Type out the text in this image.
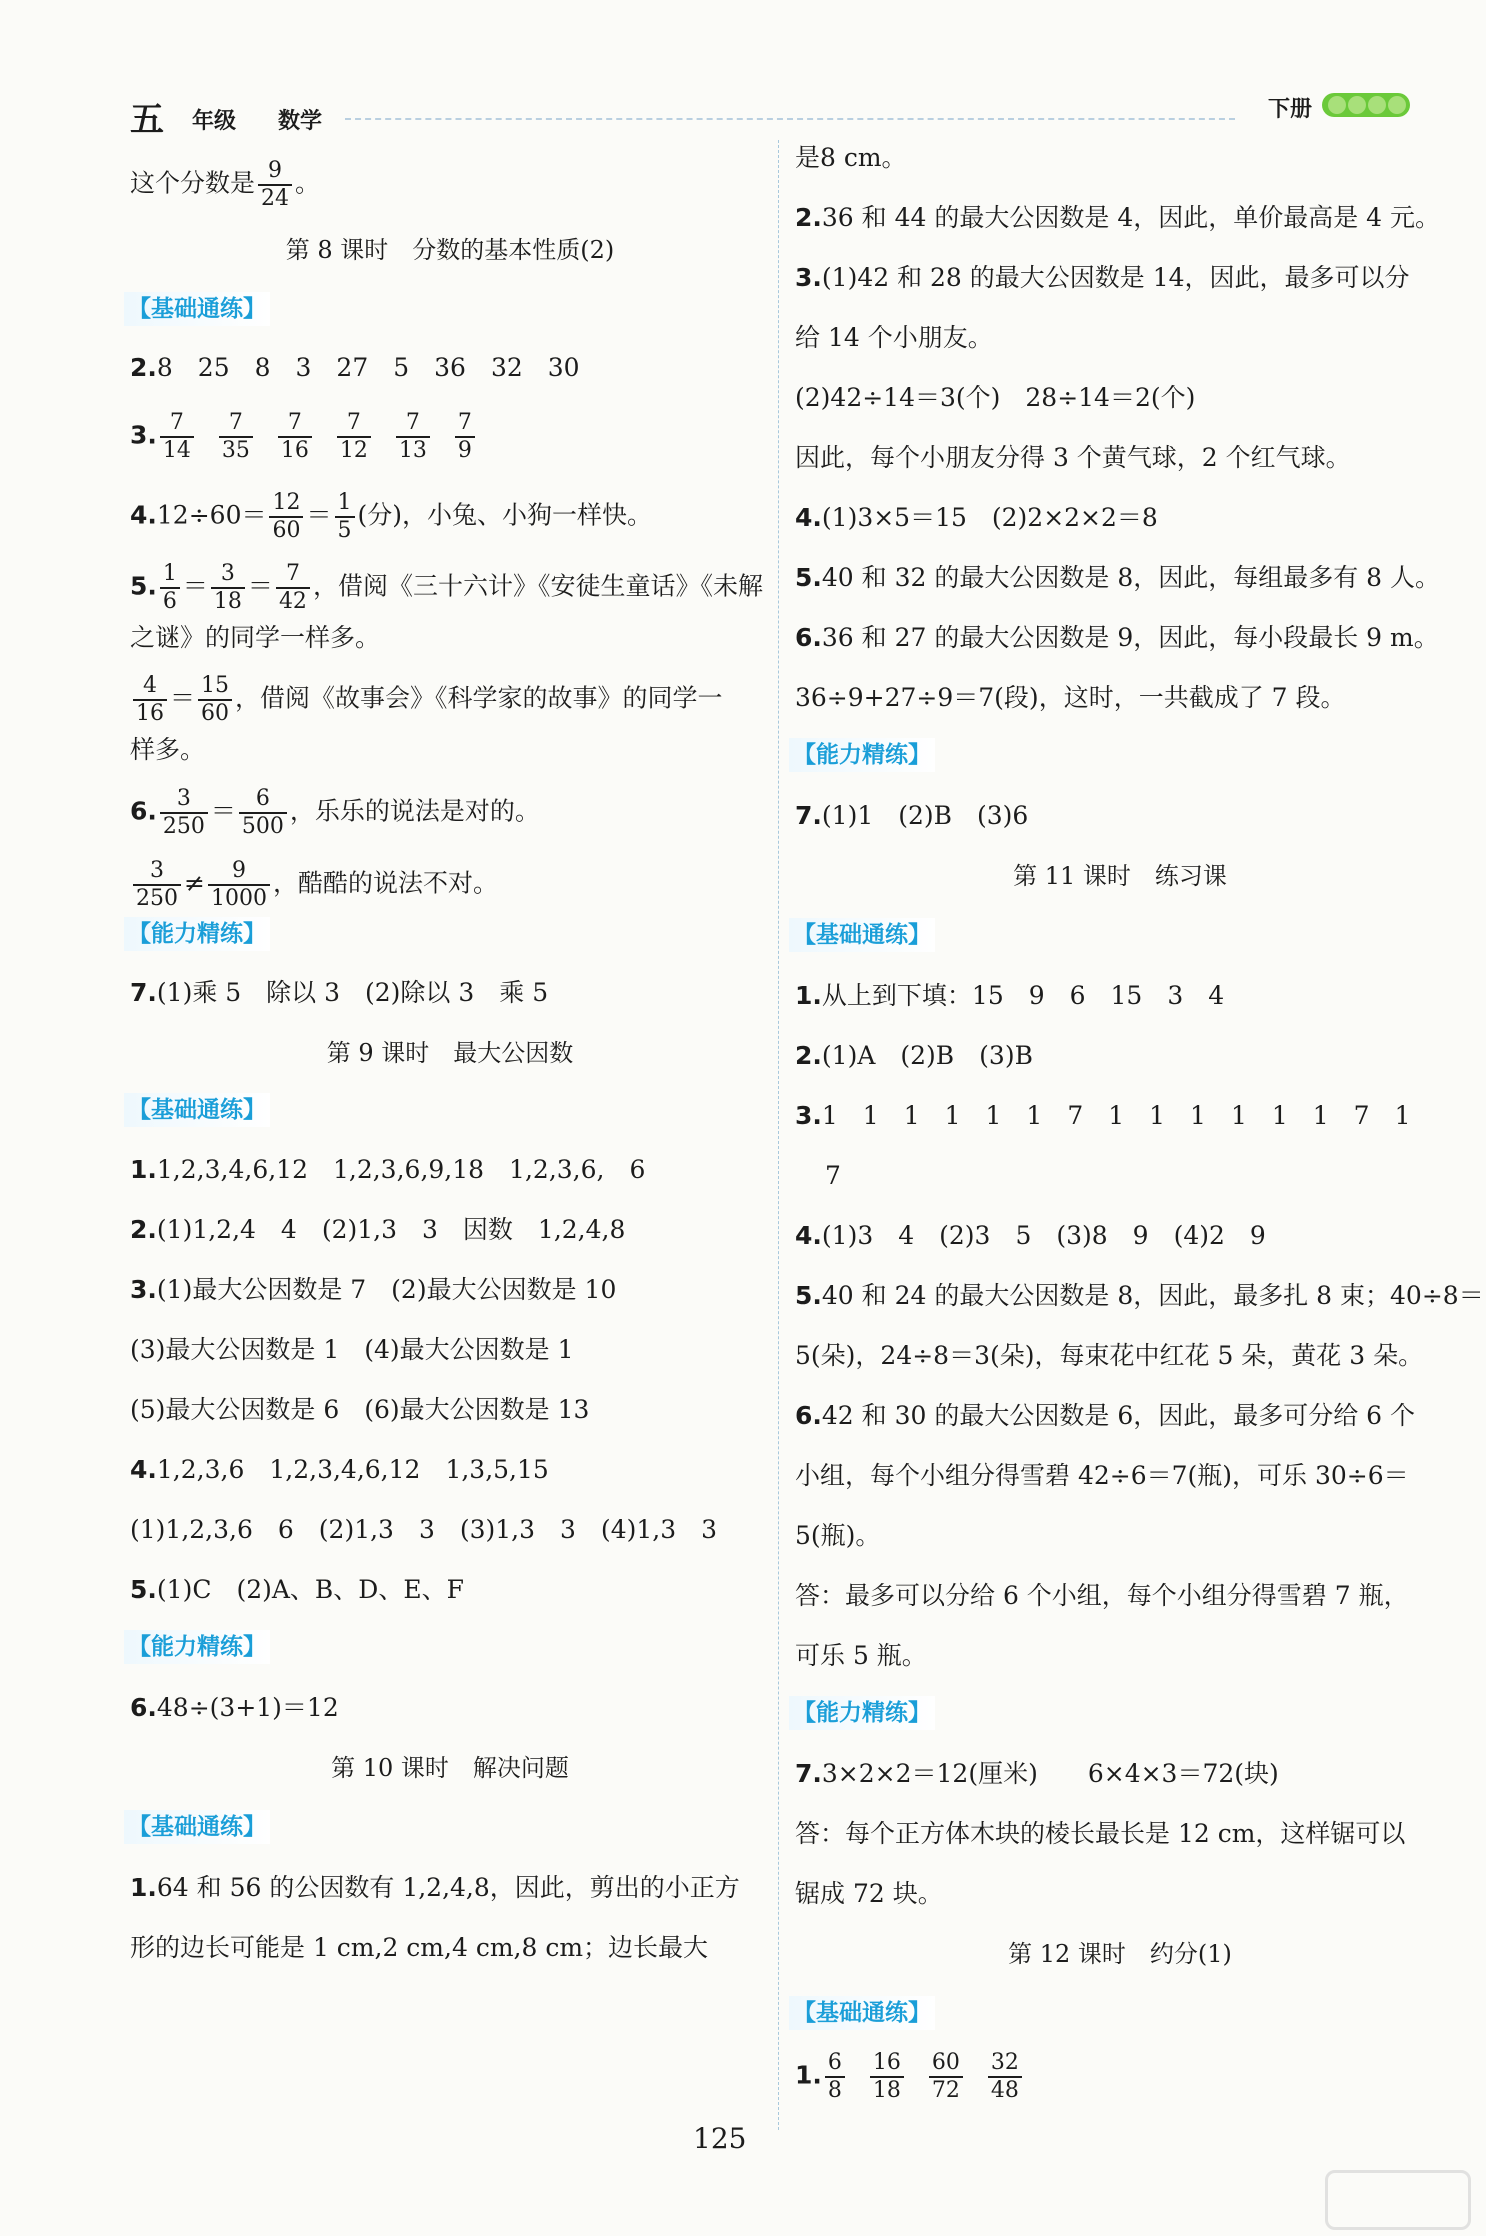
五 年级 数学	下册
这个分数是 $\frac{9}{24}$ 。
第 8 课时　分数的基本性质(2)
【基础通练】
2.8　25　8　3　27　5　36　32　30
3. $\frac{7}{14} \frac{7}{35} \frac{7}{16} \frac{7}{12} \frac{7}{13} \frac{7}{9}$
$4.12\div 60= \frac{12}{60} = \frac{1}{5}$ (分)，小兔、小狗一样快。
5. $\frac{1}{6} = \frac{3}{18} = \frac{7}{42}$ ，借阅《三十六计》《安徒生童话》《未解
之谜》的同学一样多。
$\frac{4}{16} = \frac{15}{60}$ ，借阅《故事会》《科学家的故事》的同学一
样多。
6. $\frac{3}{250} = \frac{6}{500}$ ，乐乐的说法是对的。
$\frac{3}{250} \ne \frac{9}{1000}$ ，酷酷的说法不对。
【能力精练】
7.(1)乘 5　除以 3　(2)除以 3　乘 5
第 9 课时　最大公因数
【基础通练】
1.1,2,3,4,6,12　1,2,3,6,9,18　1,2,3,6,　6
2.(1)1,2,4　4　(2)1,3　3　因数　1,2,4,8
3.(1)最大公因数是 7　(2)最大公因数是 10
(3)最大公因数是 1　(4)最大公因数是 1
(5)最大公因数是 6　(6)最大公因数是 13
4.1,2,3,6　1,2,3,4,6,12　1,3,5,15
(1)1,2,3,6　6　(2)1,3　3　(3)1,3　3　(4)1,3　3
5.(1)C　(2)A、B、D、E、F
【能力精练】
6.48÷(3+1)＝12
第 10 课时　解决问题
【基础通练】
1.64 和 56 的公因数有 1,2,4,8，因此，剪出的小正方
形的边长可能是 1 cm,2 cm,4 cm,8 cm；边长最大
是8 cm。
2.36 和 44 的最大公因数是 4，因此，单价最高是 4 元。
3.(1)42 和 28 的最大公因数是 14，因此，最多可以分
给 14 个小朋友。
(2)42÷14＝3(个)　28÷14＝2(个)
因此，每个小朋友分得 3 个黄气球，2 个红气球。
4.(1)3×5＝15　(2)2×2×2＝8
5.40 和 32 的最大公因数是 8，因此，每组最多有 8 人。
6.36 和 27 的最大公因数是 9，因此，每小段最长 9 m。
36÷9+27÷9＝7(段)，这时，一共截成了 7 段。
【能力精练】
7.(1)1　(2)B　(3)6
第 11 课时　练习课
【基础通练】
1.从上到下填：15　9　6　15　3　4
2.(1)A　(2)B　(3)B
3.1　1　1　1　1　1　7　1　1　1　1　1　1　7　1
7
4.(1)3　4　(2)3　5　(3)8　9　(4)2　9
5.40 和 24 的最大公因数是 8，因此，最多扎 8 束；40÷8＝
5(朵)，24÷8＝3(朵)，每束花中红花 5 朵，黄花 3 朵。
6.42 和 30 的最大公因数是 6，因此，最多可分给 6 个
小组，每个小组分得雪碧 42÷6＝7(瓶)，可乐 30÷6＝
5(瓶)。
答：最多可以分给 6 个小组，每个小组分得雪碧 7 瓶，
可乐 5 瓶。
【能力精练】
7.3×2×2＝12(厘米)　　6×4×3＝72(块)
答：每个正方体木块的棱长最长是 12 cm，这样锯可以
锯成 72 块。
第 12 课时　约分(1)
【基础通练】
1. $\frac{6}{8} \frac{16}{18} \frac{60}{72} \frac{32}{48}$
125
